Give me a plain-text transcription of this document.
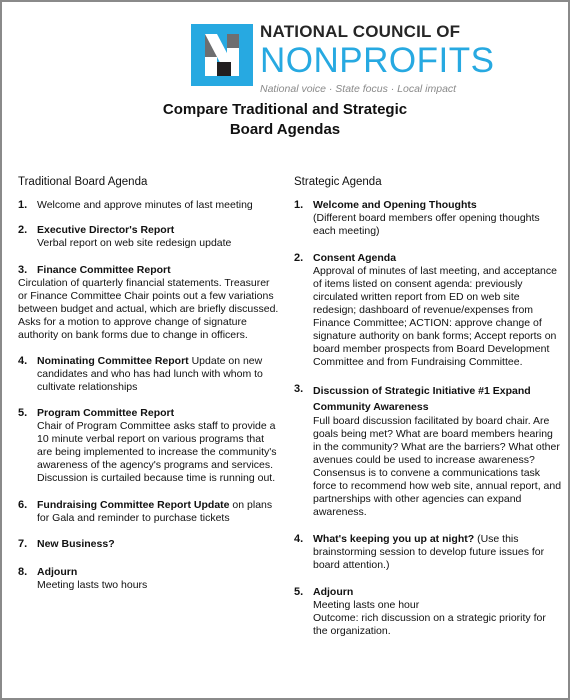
NATIONAL COUNCIL OF
NONPROFITS
National voice · State focus · Local impact
Compare Traditional and Strategic
Board Agendas
Traditional Board Agenda
1. Welcome and approve minutes of last meeting
2. Executive Director's Report
Verbal report on web site redesign update
3. Finance Committee Report
Circulation of quarterly financial statements. Treasurer or Finance Committee Chair points out a few variations between budget and actual, which are briefly discussed. Asks for a motion to approve change of signature authority on bank forms due to change in officers.
4. Nominating Committee Report Update on new candidates and who has had lunch with whom to cultivate relationships
5. Program Committee Report
Chair of Program Committee asks staff to provide a 10 minute verbal report on various programs that are being implemented to increase the community's awareness of the agency's programs and services. Discussion is curtailed because time is running out.
6. Fundraising Committee Report Update on plans for Gala and reminder to purchase tickets
7. New Business?
8. Adjourn
Meeting lasts two hours
Strategic Agenda
1. Welcome and Opening Thoughts
(Different board members offer opening thoughts each meeting)
2. Consent Agenda
Approval of minutes of last meeting, and acceptance of items listed on consent agenda: previously circulated written report from ED on web site redesign; dashboard of revenue/expenses from Finance Committee; ACTION: approve change of signature authority on bank forms; Accept reports on board member prospects from Board Development Committee and from Fundraising Committee.
3. Discussion of Strategic Initiative #1 Expand Community Awareness
Full board discussion facilitated by board chair. Are goals being met? What are board members hearing in the community? What are the barriers? What other avenues could be used to increase awareness? Consensus is to convene a communications task force to recommend how web site, annual report, and partnerships with other agencies can expand awareness.
4. What's keeping you up at night? (Use this brainstorming session to develop future issues for board attention.)
5. Adjourn
Meeting lasts one hour
Outcome: rich discussion on a strategic priority for the organization.
